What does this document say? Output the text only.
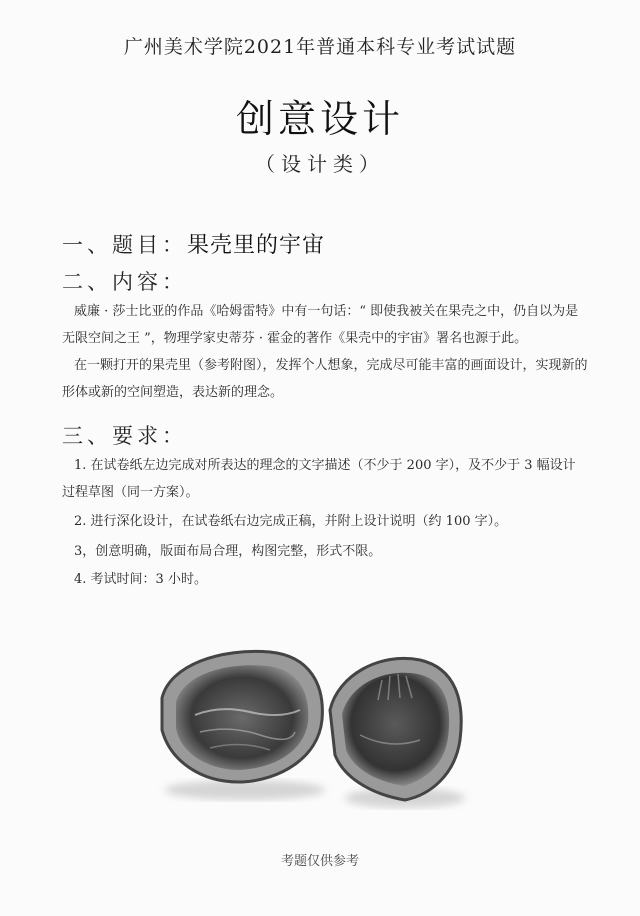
广州美术学院2021年普通本科专业考试试题
创意设计
（设计类）
一、题目：果壳里的宇宙
二、内容：
威廉 · 莎士比亚的作品《哈姆雷特》中有一句话：“ 即使我被关在果壳之中，仍自以为是无限空间之王 ”，物理学家史蒂芬 · 霍金的著作《果壳中的宇宙》署名也源于此。
在一颗打开的果壳里（参考附图），发挥个人想象，完成尽可能丰富的画面设计，实现新的形体或新的空间塑造，表达新的理念。
三、要求：
1. 在试卷纸左边完成对所表达的理念的文字描述（不少于 200 字），及不少于 3 幅设计过程草图（同一方案）。
2. 进行深化设计，在试卷纸右边完成正稿，并附上设计说明（约 100 字）。
3，创意明确，版面布局合理，构图完整，形式不限。
4. 考试时间：3 小时。
考题仅供参考
